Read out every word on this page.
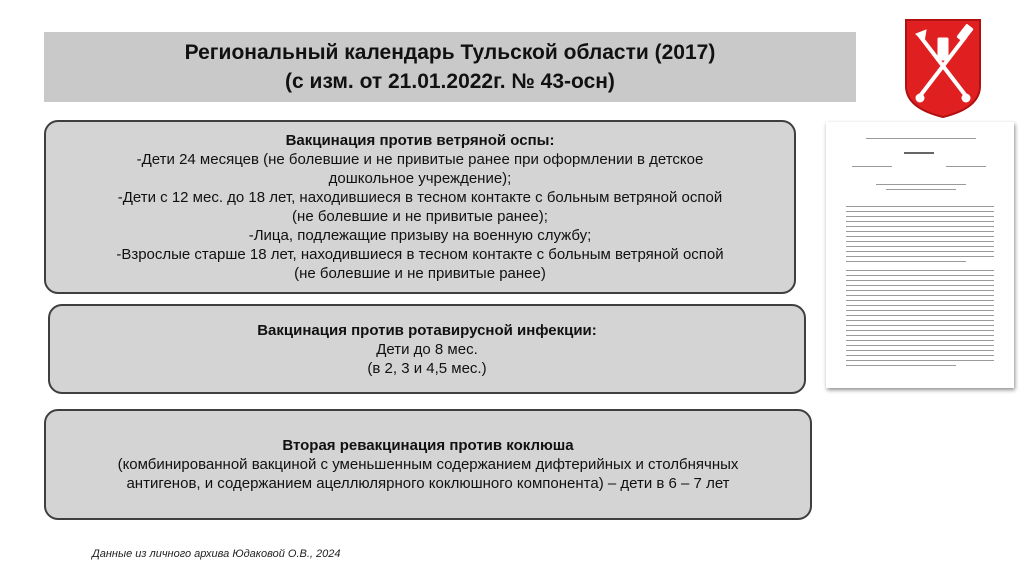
Региональный календарь Тульской области (2017)
(с изм. от 21.01.2022г. № 43-осн)
Вакцинация против ветряной оспы:
-Дети 24 месяцев (не болевшие и не привитые ранее при оформлении в детское
дошкольное учреждение);
-Дети с 12 мес. до 18 лет, находившиеся в тесном контакте с больным ветряной оспой
(не болевшие и не привитые ранее);
-Лица, подлежащие призыву на военную службу;
-Взрослые старше 18 лет, находившиеся в тесном контакте с больным ветряной оспой
(не болевшие и не привитые ранее)
Вакцинация против ротавирусной инфекции:
Дети до 8 мес.
(в 2, 3 и 4,5 мес.)
Вторая ревакцинация против коклюша
(комбинированной вакциной с уменьшенным содержанием дифтерийных и столбнячных
антигенов, и содержанием ацеллюлярного коклюшного компонента) – дети в 6 – 7 лет
Данные из личного архива Юдаковой О.В., 2024
